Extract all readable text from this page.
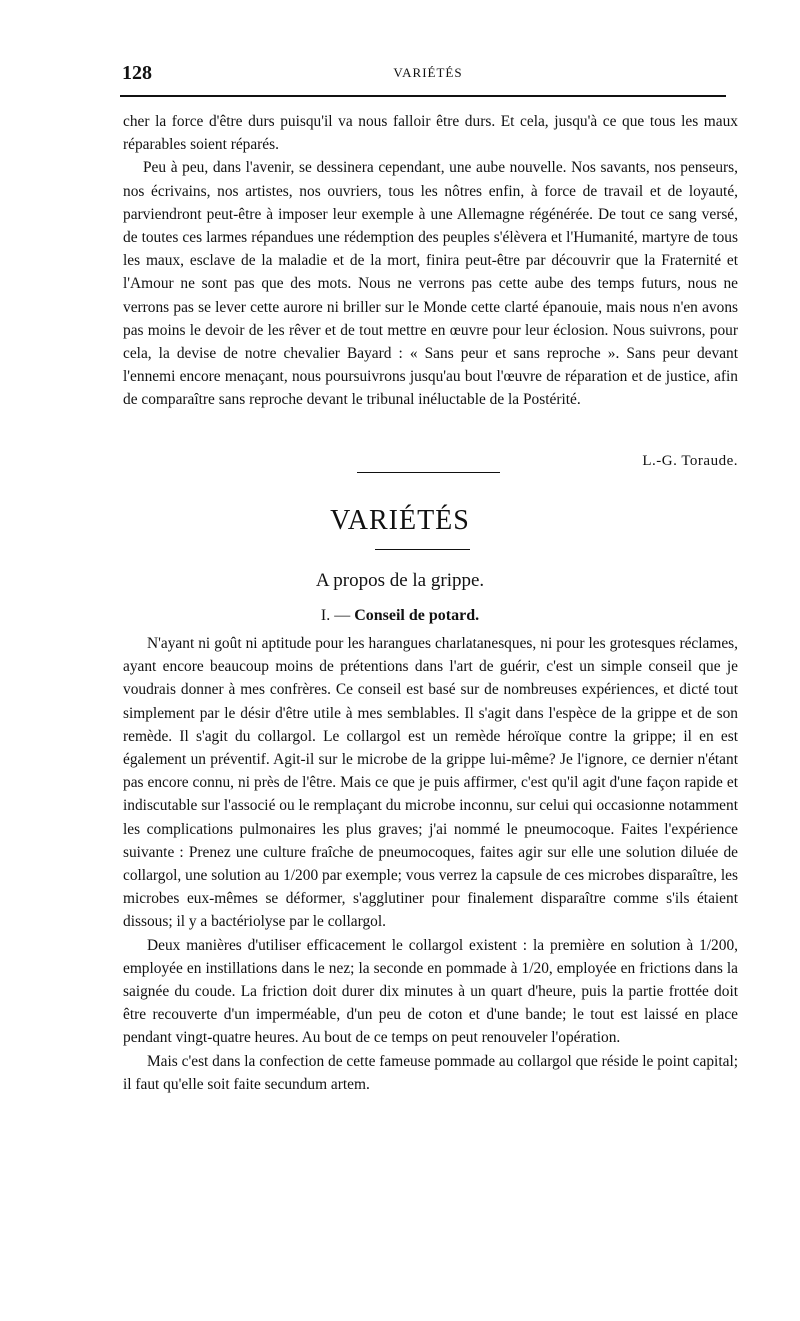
128	VARIÉTÉS

cher la force d'être durs puisqu'il va nous falloir être durs. Et cela, jusqu'à ce que tous les maux réparables soient réparés.

Peu à peu, dans l'avenir, se dessinera cependant, une aube nouvelle. Nos savants, nos penseurs, nos écrivains, nos artistes, nos ouvriers, tous les nôtres enfin, à force de travail et de loyauté, parviendront peut-être à imposer leur exemple à une Allemagne régénérée. De tout ce sang versé, de toutes ces larmes répandues une rédemption des peuples s'élèvera et l'Humanité, martyre de tous les maux, esclave de la maladie et de la mort, finira peut-être par découvrir que la Fraternité et l'Amour ne sont pas que des mots. Nous ne verrons pas cette aube des temps futurs, nous ne verrons pas se lever cette aurore ni briller sur le Monde cette clarté épanouie, mais nous n'en avons pas moins le devoir de les rêver et de tout mettre en œuvre pour leur éclosion. Nous suivrons, pour cela, la devise de notre chevalier Bayard : « Sans peur et sans reproche ». Sans peur devant l'ennemi encore menaçant, nous poursuivrons jusqu'au bout l'œuvre de réparation et de justice, afin de comparaître sans reproche devant le tribunal inéluctable de la Postérité.

L.-G. Toraude.
VARIÉTÉS
A propos de la grippe.
I. — Conseil de potard.

N'ayant ni goût ni aptitude pour les harangues charlatanesques, ni pour les grotesques réclames, ayant encore beaucoup moins de prétentions dans l'art de guérir, c'est un simple conseil que je voudrais donner à mes confrères. Ce conseil est basé sur de nombreuses expériences, et dicté tout simplement par le désir d'être utile à mes semblables. Il s'agit dans l'espèce de la grippe et de son remède. Il s'agit du collargol. Le collargol est un remède héroïque contre la grippe; il en est également un préventif. Agit-il sur le microbe de la grippe lui-même? Je l'ignore, ce dernier n'étant pas encore connu, ni près de l'être. Mais ce que je puis affirmer, c'est qu'il agit d'une façon rapide et indiscutable sur l'associé ou le remplaçant du microbe inconnu, sur celui qui occasionne notamment les complications pulmonaires les plus graves; j'ai nommé le pneumocoque. Faites l'expérience suivante : Prenez une culture fraîche de pneumocoques, faites agir sur elle une solution diluée de collargol, une solution au 1/200 par exemple; vous verrez la capsule de ces microbes disparaître, les microbes eux-mêmes se déformer, s'agglutiner pour finalement disparaître comme s'ils étaient dissous; il y a bactériolyse par le collargol.

Deux manières d'utiliser efficacement le collargol existent : la première en solution à 1/200, employée en instillations dans le nez; la seconde en pommade à 1/20, employée en frictions dans la saignée du coude. La friction doit durer dix minutes à un quart d'heure, puis la partie frottée doit être recouverte d'un imperméable, d'un peu de coton et d'une bande; le tout est laissé en place pendant vingt-quatre heures. Au bout de ce temps on peut renouveler l'opération.

Mais c'est dans la confection de cette fameuse pommade au collargol que réside le point capital; il faut qu'elle soit faite secundum artem.
